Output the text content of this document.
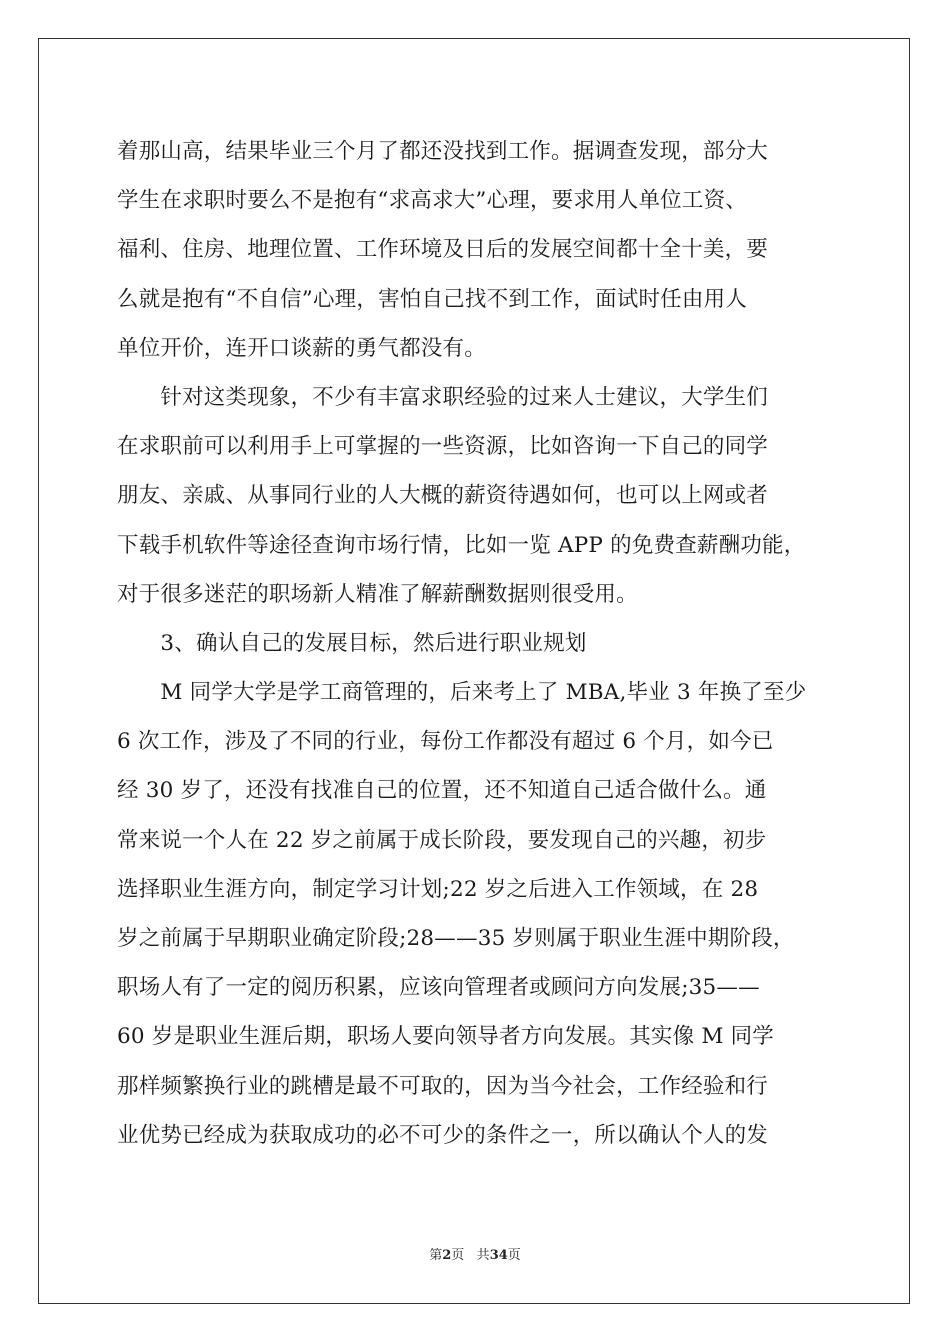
着那山高，结果毕业三个月了都还没找到工作。据调查发现，部分大
学生在求职时要么不是抱有“求高求大”心理，要求用人单位工资、
福利、住房、地理位置、工作环境及日后的发展空间都十全十美，要
么就是抱有“不自信”心理，害怕自己找不到工作，面试时任由用人
单位开价，连开口谈薪的勇气都没有。
　　针对这类现象，不少有丰富求职经验的过来人士建议，大学生们
在求职前可以利用手上可掌握的一些资源，比如咨询一下自己的同学
朋友、亲戚、从事同行业的人大概的薪资待遇如何，也可以上网或者
下载手机软件等途径查询市场行情，比如一览 APP 的免费查薪酬功能，
对于很多迷茫的职场新人精准了解薪酬数据则很受用。
　　3、确认自己的发展目标，然后进行职业规划
　　M 同学大学是学工商管理的，后来考上了 MBA,毕业 3 年换了至少
6 次工作，涉及了不同的行业，每份工作都没有超过 6 个月，如今已
经 30 岁了，还没有找准自己的位置，还不知道自己适合做什么。通
常来说一个人在 22 岁之前属于成长阶段，要发现自己的兴趣，初步
选择职业生涯方向，制定学习计划;22 岁之后进入工作领域，在 28
岁之前属于早期职业确定阶段;28——35 岁则属于职业生涯中期阶段，
职场人有了一定的阅历积累，应该向管理者或顾问方向发展;35——
60 岁是职业生涯后期，职场人要向领导者方向发展。其实像 M 同学
那样频繁换行业的跳槽是最不可取的，因为当今社会，工作经验和行
业优势已经成为获取成功的必不可少的条件之一，所以确认个人的发
第2页 共34页
